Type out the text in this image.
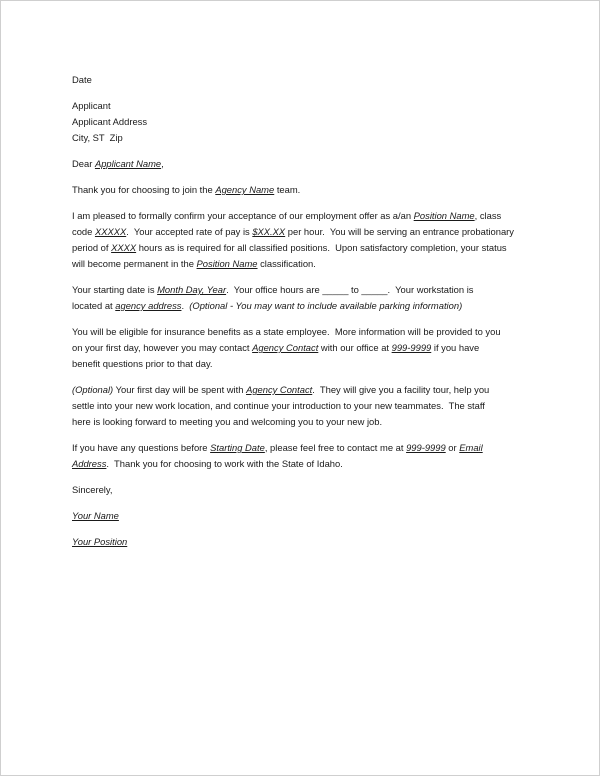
Date
Applicant
Applicant Address
City, ST  Zip
Dear Applicant Name,
Thank you for choosing to join the Agency Name team.
I am pleased to formally confirm your acceptance of our employment offer as a/an Position Name, class
code XXXXX.  Your accepted rate of pay is $XX.XX per hour.  You will be serving an entrance probationary
period of XXXX hours as is required for all classified positions.  Upon satisfactory completion, your status
will become permanent in the Position Name classification.
Your starting date is Month Day, Year.  Your office hours are _____ to _____.  Your workstation is
located at agency address.  (Optional - You may want to include available parking information)
You will be eligible for insurance benefits as a state employee.  More information will be provided to you
on your first day, however you may contact Agency Contact with our office at 999-9999 if you have
benefit questions prior to that day.
(Optional) Your first day will be spent with Agency Contact.  They will give you a facility tour, help you
settle into your new work location, and continue your introduction to your new teammates.  The staff
here is looking forward to meeting you and welcoming you to your new job.
If you have any questions before Starting Date, please feel free to contact me at 999-9999 or Email
Address.  Thank you for choosing to work with the State of Idaho.
Sincerely,
Your Name
Your Position
